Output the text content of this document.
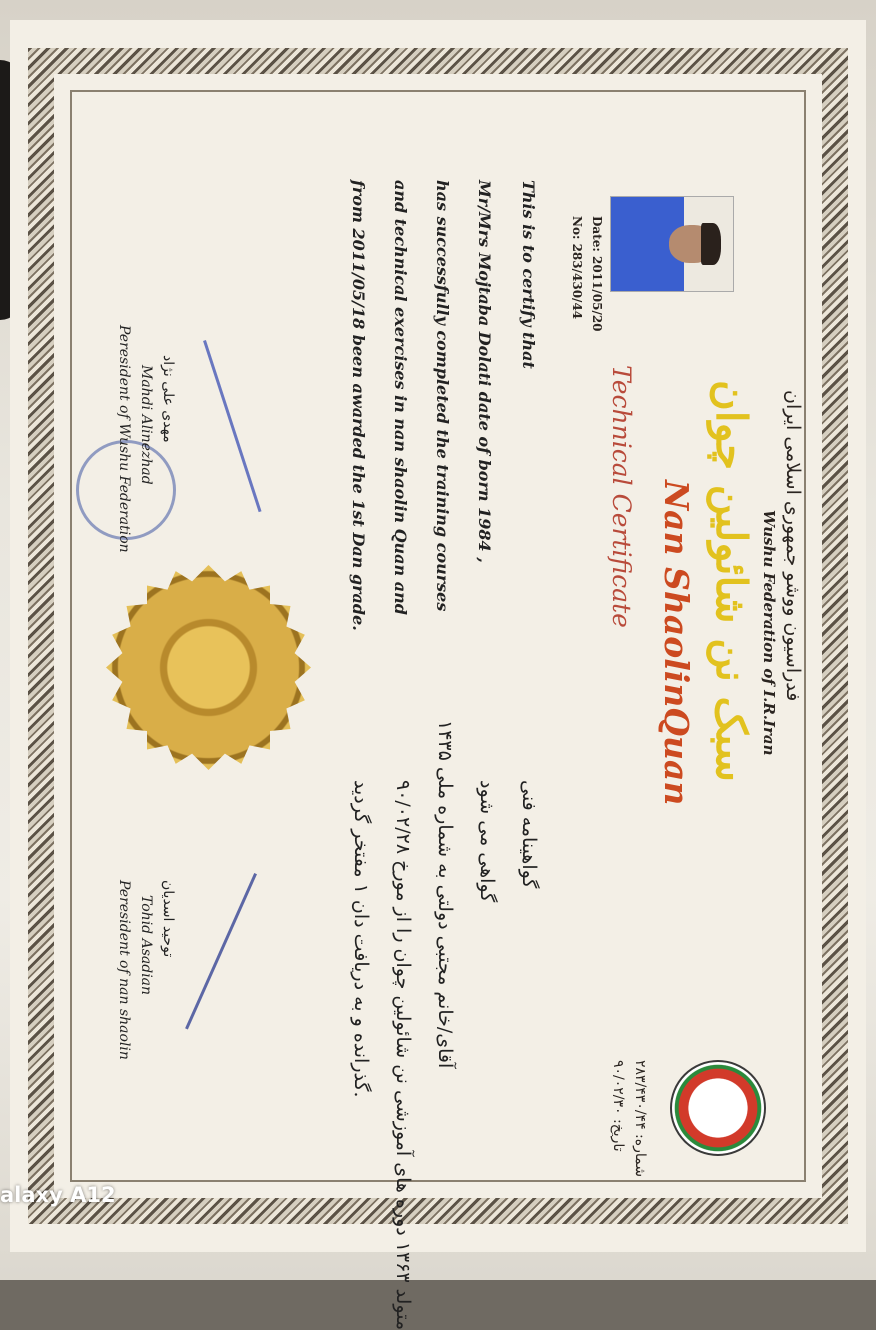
فدراسیون ووشو جمهوری اسلامی ایران
Wushu Federation of I.R.Iran
سبک نن شائولین چوان
Nan ShaolinQuan
Technical Certificate
شماره: ۲۸۳/۴۳۰/۴۴
تاریخ: ۹۰/۰۲/۳۰
Date: 2011/05/20
No: 283/430/44
This is to certify that
Mr/Mrs Mojtaba Dolati date of born 1984 ,
has successfully completed the training courses
and technical exercises in nan shaolin Quan and
from 2011/05/18 been awarded the 1st Dan grade.
گواهینامه فنی
گواهی می شود
آقای/خانم مجتبی دولتی به شماره ملی ۱۴۳۵
متولد ۱۳۶۳ دوره های آموزشی نن شائولین چوان را از مورخ ۹۰/۰۲/۲۸
گذرانده و به دریافت دان ۱ مفتخر گردید.
مهدی علی نژاد
Mahdi Alinezhad
Peresident of Wushu Federation
توحید اسدیان
Tohid Asadian
Peresident of nan shaolin
alaxy A12
